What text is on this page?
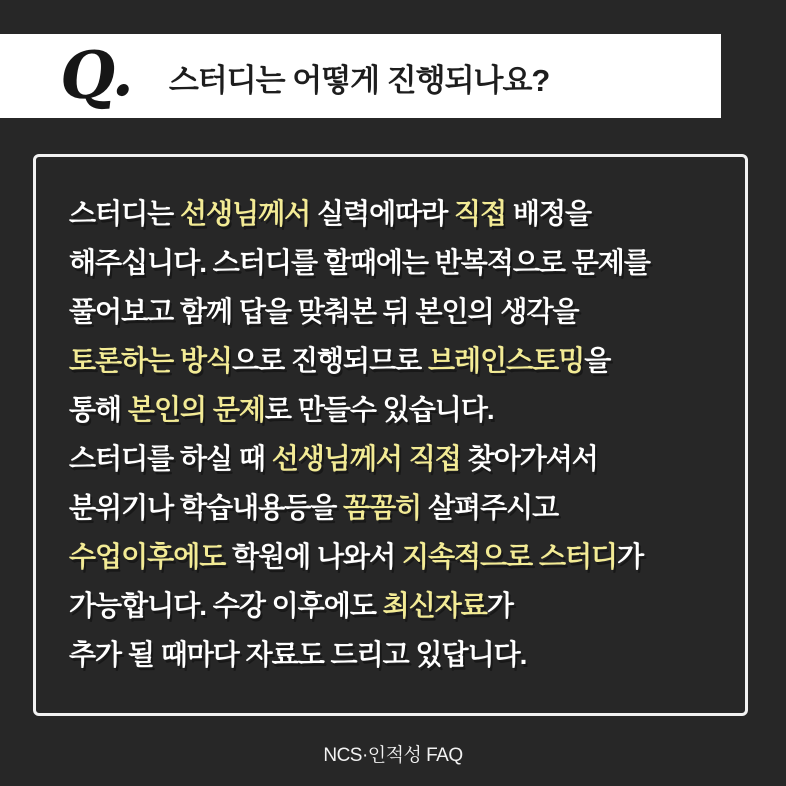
Q. 스터디는 어떻게 진행되나요?
스터디는 선생님께서 실력에따라 직접 배정을
해주십니다. 스터디를 할때에는 반복적으로 문제를
풀어보고 함께 답을 맞춰본 뒤 본인의 생각을
토론하는 방식으로 진행되므로 브레인스토밍을
통해 본인의 문제로 만들수 있습니다.
스터디를 하실 때 선생님께서 직접 찾아가셔서
분위기나 학습내용등을 꼼꼼히 살펴주시고
수업이후에도 학원에 나와서 지속적으로 스터디가
가능합니다. 수강 이후에도 최신자료가
추가 될 때마다 자료도 드리고 있답니다.
NCS·인적성 FAQ
